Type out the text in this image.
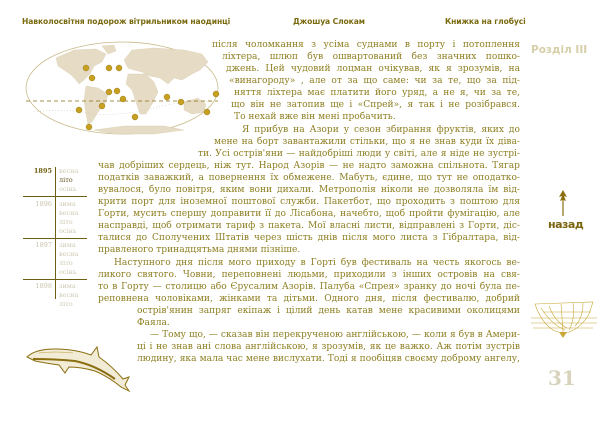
Навколосвітня подорож вітрильником наодинці	Джошуа Слокам	Книжка на глобусі
Розділ III
після чоломкання з усіма суднами в порту і потоплення
ліхтера, шлюп був ошвартований без значних пошко-
джень. Цей чудовий лоцман очікував, як я зрозумів, на
«винагороду» , але от за що саме: чи за те, що за під-
няття ліхтера має платити його уряд, а не я, чи за те,
що він не затопив ще і «Спрей», я так і не розібрався.
То нехай вже він мені пробачить.
Я прибув на Азори у сезон збирання фруктів, яких до
мене на борт завантажили стільки, що я не знав куди їх діва-
ти. Усі острів'яни — найдобріші люди у світі, але я ніде не зустрі-
чав добріших сердець, ніж тут. Народ Азорів — не надто заможна спільнота. Тягар
податків заважкий, а повернення їх обмежене. Мабуть, єдине, що тут не оподатко-
вувалося, було повітря, яким вони дихали. Метрополія ніколи не дозволяла їм від-
крити порт для іноземної поштової служби. Пакетбот, що проходить з поштою для
Горти, мусить спершу доправити її до Лісабона, начебто, щоб пройти фумігацію, але
насправді, щоб отримати тариф з пакета. Мої власні листи, відправлені з Горти, діс-
талися до Сполучених Штатів через шість днів після мого листа з Гібралтара, від-
правленого тринадцятьма днями пізніше.
Наступного дня після мого приходу в Горті був фестиваль на честь якогось ве-
ликого святого. Човни, переповнені людьми, приходили з інших островів на свя-
то в Горту — столицю або Єрусалим Азорів. Палуба «Спрея» зранку до ночі була пе-
реповнена чоловіками, жінками та дітьми. Одного дня, після фестивалю, добрий
острів'янин запряг екіпаж і цілий день катав мене красивими околицями
Фаяла.
— Тому що, — сказав він перекрученою англійською, — коли я був в Амери-
ці і не знав ані слова англійською, я зрозумів, як це важко. Аж потім зустрів
людину, яка мала час мене вислухати. Тоді я пообіцяв своєму доброму ангелу,
1895 весна
літо
осінь
1896 зима
весна
літо
осінь
1897 зима
весна
літо
осінь
1898 зима
весна
літо
назад
31
